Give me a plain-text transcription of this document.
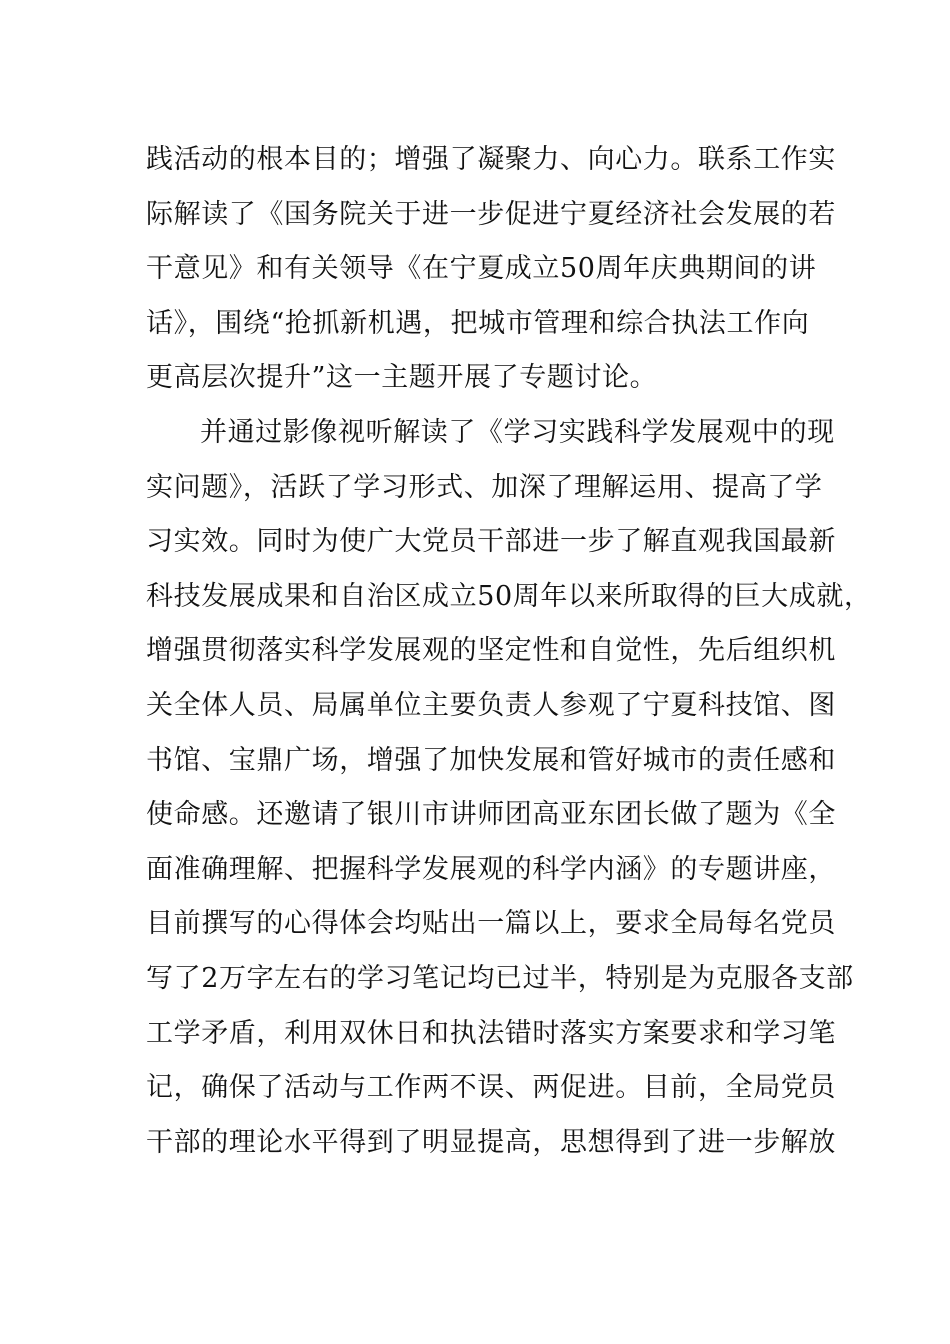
践活动的根本目的；增强了凝聚力、向心力。联系工作实
际解读了《国务院关于进一步促进宁夏经济社会发展的若
干意见》和有关领导《在宁夏成立50周年庆典期间的讲
话》，围绕“抢抓新机遇，把城市管理和综合执法工作向
更高层次提升”这一主题开展了专题讨论。
并通过影像视听解读了《学习实践科学发展观中的现
实问题》，活跃了学习形式、加深了理解运用、提高了学
习实效。同时为使广大党员干部进一步了解直观我国最新
科技发展成果和自治区成立50周年以来所取得的巨大成就，
增强贯彻落实科学发展观的坚定性和自觉性，先后组织机
关全体人员、局属单位主要负责人参观了宁夏科技馆、图
书馆、宝鼎广场，增强了加快发展和管好城市的责任感和
使命感。还邀请了银川市讲师团高亚东团长做了题为《全
面准确理解、把握科学发展观的科学内涵》的专题讲座，
目前撰写的心得体会均贴出一篇以上，要求全局每名党员
写了2万字左右的学习笔记均已过半，特别是为克服各支部
工学矛盾，利用双休日和执法错时落实方案要求和学习笔
记，确保了活动与工作两不误、两促进。目前，全局党员
干部的理论水平得到了明显提高，思想得到了进一步解放
